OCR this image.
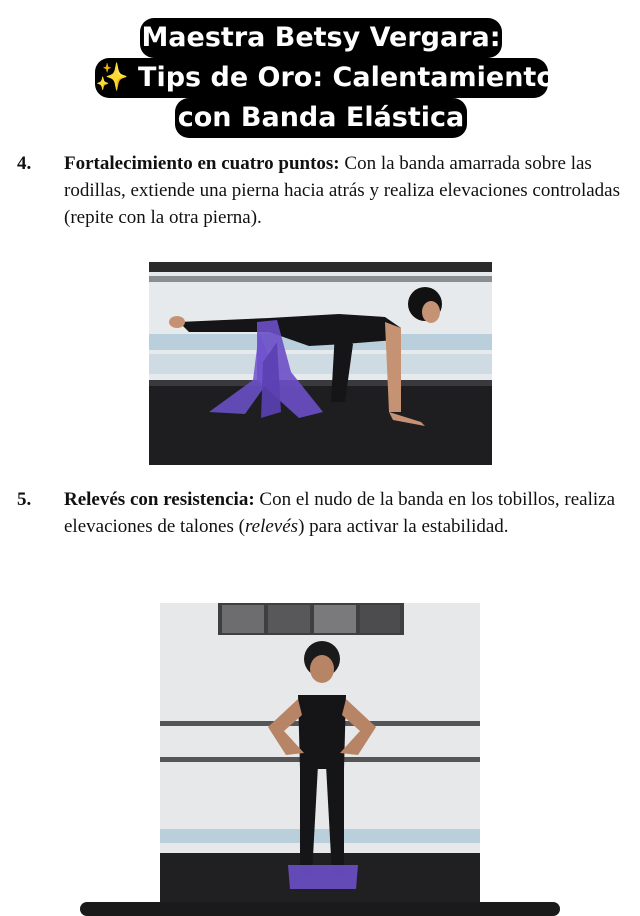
Maestra Betsy Vergara:
✨ Tips de Oro: Calentamiento
con Banda Elástica
4. Fortalecimiento en cuatro puntos: Con la banda amarrada sobre las rodillas, extiende una pierna hacia atrás y realiza elevaciones controladas (repite con la otra pierna).
5. Relevés con resistencia: Con el nudo de la banda en los tobillos, realiza elevaciones de talones (relevés) para activar la estabilidad.
